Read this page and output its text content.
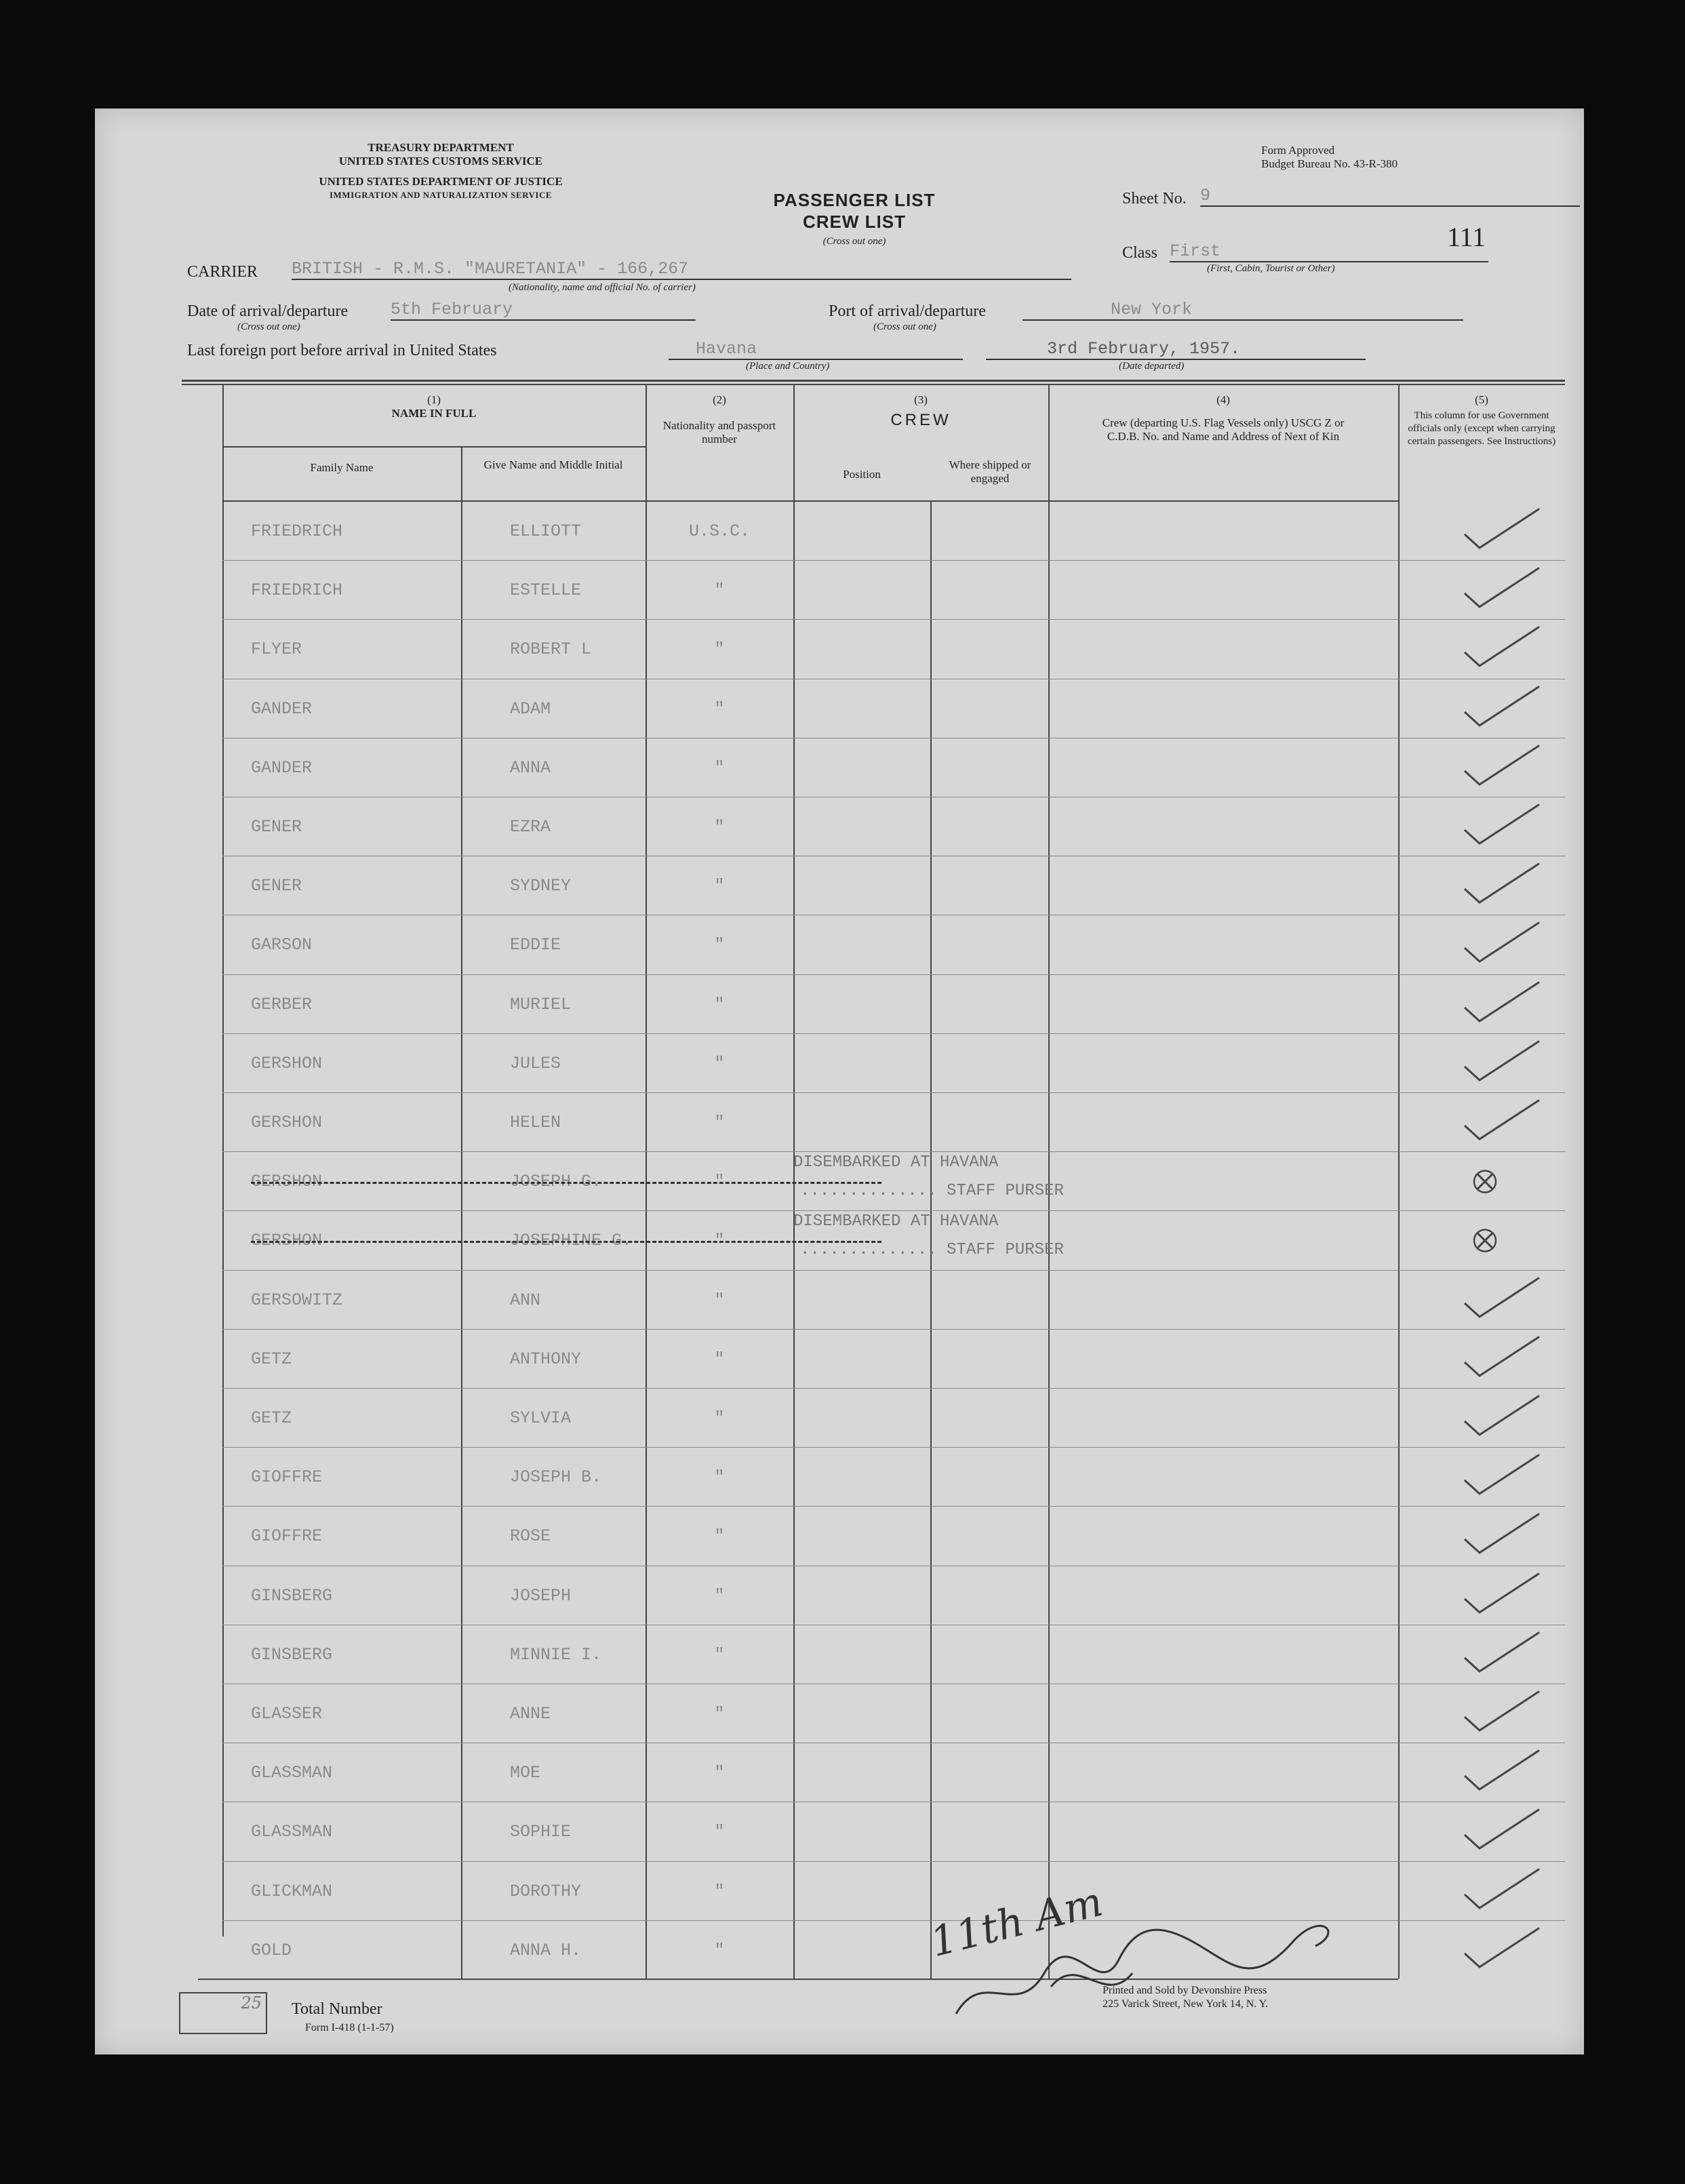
TREASURY DEPARTMENT
UNITED STATES CUSTOMS SERVICE
UNITED STATES DEPARTMENT OF JUSTICE
IMMIGRATION AND NATURALIZATION SERVICE
Form Approved
Budget Bureau No. 43-R-380
PASSENGER LIST
CREW LIST
(Cross out one)
Sheet No. 9
111
Class First
(First, Cabin, Tourist or Other)
CARRIER BRITISH - R.M.S. "MAURETANIA" - 166,267
(Nationality, name and official No. of carrier)
Date of arrival/departure
(Cross out one)
5th February	Port of arrival/departure
(Cross out one)
New York
Last foreign port before arrival in United States	Havana
(Place and Country)
3rd February, 1957.
(Date departed)
(1)
NAME IN FULL
Family Name	Give Name and Middle Initial
(2)
Nationality and passport number
(3)
CREW
Position
Where shipped or engaged
(4)
Crew (departing U.S. Flag Vessels only) USCG Z or C.D.B. No. and Name and Address of Next of Kin
(5)
This column for use Government officials only (except when carrying certain passengers. See Instructions)
FRIEDRICH	ELLIOTT	U.S.C.
FRIEDRICH	ESTELLE	"
FLYER	ROBERT L	"
GANDER	ADAM	"
GANDER	ANNA	"
GENER	EZRA	"
GENER	SYDNEY	"
GARSON	EDDIE	"
GERBER	MURIEL	"
GERSHON	JULES	"
GERSHON	HELEN	"
GERSHON	JOSEPH G.	"
DISEMBARKED AT HAVANA
.............. STAFF PURSER
GERSHON	JOSEPHINE G.	"
DISEMBARKED AT HAVANA
.............. STAFF PURSER
GERSOWITZ	ANN	"
GETZ	ANTHONY	"
GETZ	SYLVIA	"
GIOFFRE	JOSEPH B.	"
GIOFFRE	ROSE	"
GINSBERG	JOSEPH	"
GINSBERG	MINNIE I.	"
GLASSER	ANNE	"
GLASSMAN	MOE	"
GLASSMAN	SOPHIE	"
GLICKMAN	DOROTHY	"
GOLD	ANNA H.	"
25 Total Number
Form I-418 (1-1-57)
Printed and Sold by Devonshire Press
225 Varick Street, New York 14, N. Y.
11th Am
